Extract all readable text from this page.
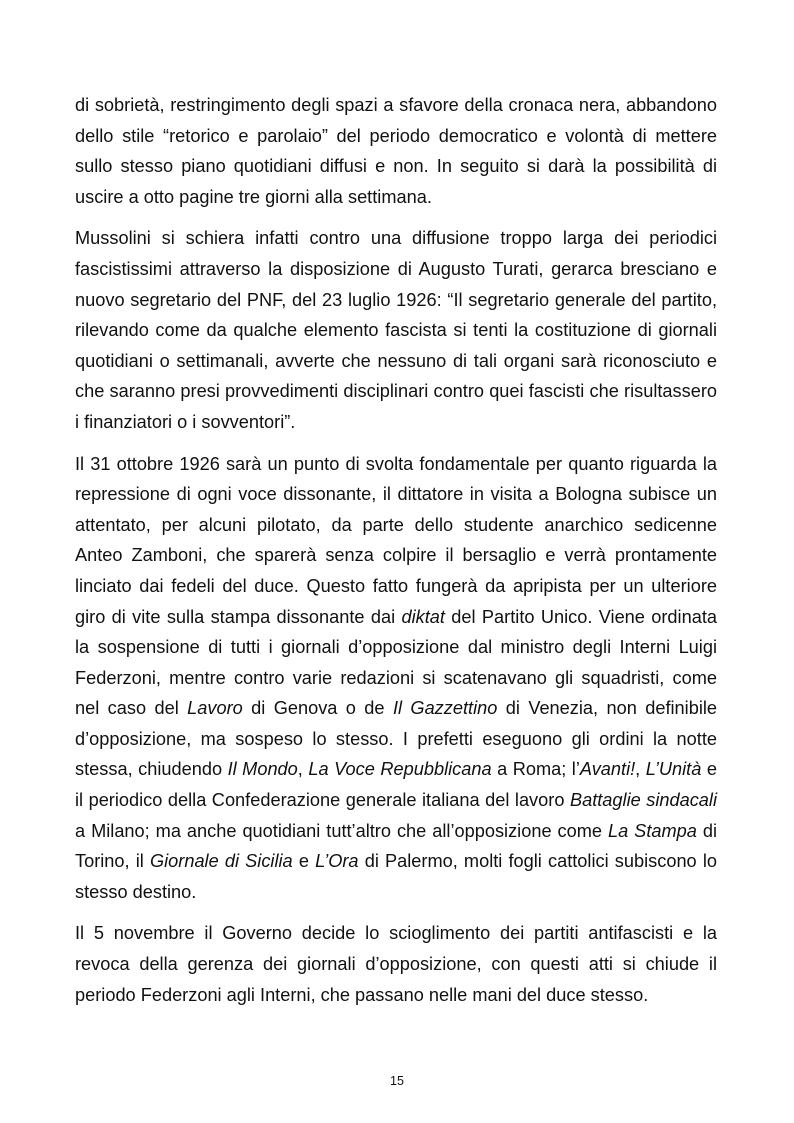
di sobrietà, restringimento degli spazi a sfavore della cronaca nera, abbandono dello stile “retorico e parolaio” del periodo democratico e volontà di mettere sullo stesso piano quotidiani diffusi e non. In seguito si darà la possibilità di uscire a otto pagine tre giorni alla settimana.

Mussolini si schiera infatti contro una diffusione troppo larga dei periodici fascistissimi attraverso la disposizione di Augusto Turati, gerarca bresciano e nuovo segretario del PNF, del 23 luglio 1926: “Il segretario generale del partito, rilevando come da qualche elemento fascista si tenti la costituzione di giornali quotidiani o settimanali, avverte che nessuno di tali organi sarà riconosciuto e che saranno presi provvedimenti disciplinari contro quei fascisti che risultassero i finanziatori o i sovventori”.

Il 31 ottobre 1926 sarà un punto di svolta fondamentale per quanto riguarda la repressione di ogni voce dissonante, il dittatore in visita a Bologna subisce un attentato, per alcuni pilotato, da parte dello studente anarchico sedicenne Anteo Zamboni, che sparerà senza colpire il bersaglio e verrà prontamente linciato dai fedeli del duce. Questo fatto fungerà da apripista per un ulteriore giro di vite sulla stampa dissonante dai diktat del Partito Unico. Viene ordinata la sospensione di tutti i giornali d’opposizione dal ministro degli Interni Luigi Federzoni, mentre contro varie redazioni si scatenavano gli squadristi, come nel caso del Lavoro di Genova o de Il Gazzettino di Venezia, non definibile d’opposizione, ma sospeso lo stesso. I prefetti eseguono gli ordini la notte stessa, chiudendo Il Mondo, La Voce Repubblicana a Roma; l’Avanti!, L’Unità e il periodico della Confederazione generale italiana del lavoro Battaglie sindacali a Milano; ma anche quotidiani tutt’altro che all’opposizione come La Stampa di Torino, il Giornale di Sicilia e L’Ora di Palermo, molti fogli cattolici subiscono lo stesso destino.

Il 5 novembre il Governo decide lo scioglimento dei partiti antifascisti e la revoca della gerenza dei giornali d’opposizione, con questi atti si chiude il periodo Federzoni agli Interni, che passano nelle mani del duce stesso.

15
